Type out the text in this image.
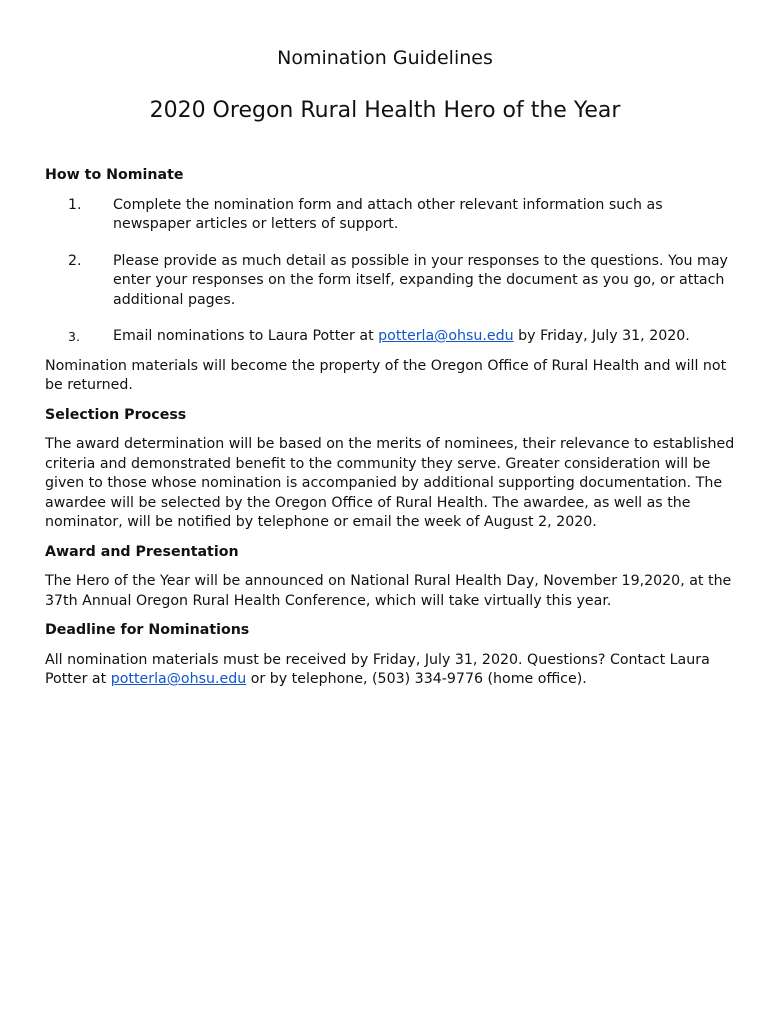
Nomination Guidelines
2020 Oregon Rural Health Hero of the Year
How to Nominate
1. Complete the nomination form and attach other relevant information such as newspaper articles or letters of support.
2. Please provide as much detail as possible in your responses to the questions. You may enter your responses on the form itself, expanding the document as you go, or attach additional pages.
3. Email nominations to Laura Potter at potterla@ohsu.edu by Friday, July 31, 2020.

Nomination materials will become the property of the Oregon Office of Rural Health and will not be returned.

Selection Process

The award determination will be based on the merits of nominees, their relevance to established criteria and demonstrated benefit to the community they serve. Greater consideration will be given to those whose nomination is accompanied by additional supporting documentation. The awardee will be selected by the Oregon Office of Rural Health. The awardee, as well as the nominator, will be notified by telephone or email the week of August 2, 2020.

Award and Presentation

The Hero of the Year will be announced on National Rural Health Day, November 19,2020, at the 37th Annual Oregon Rural Health Conference, which will take virtually this year.

Deadline for Nominations

All nomination materials must be received by Friday, July 31, 2020. Questions? Contact Laura Potter at potterla@ohsu.edu or by telephone, (503) 334-9776 (home office).
